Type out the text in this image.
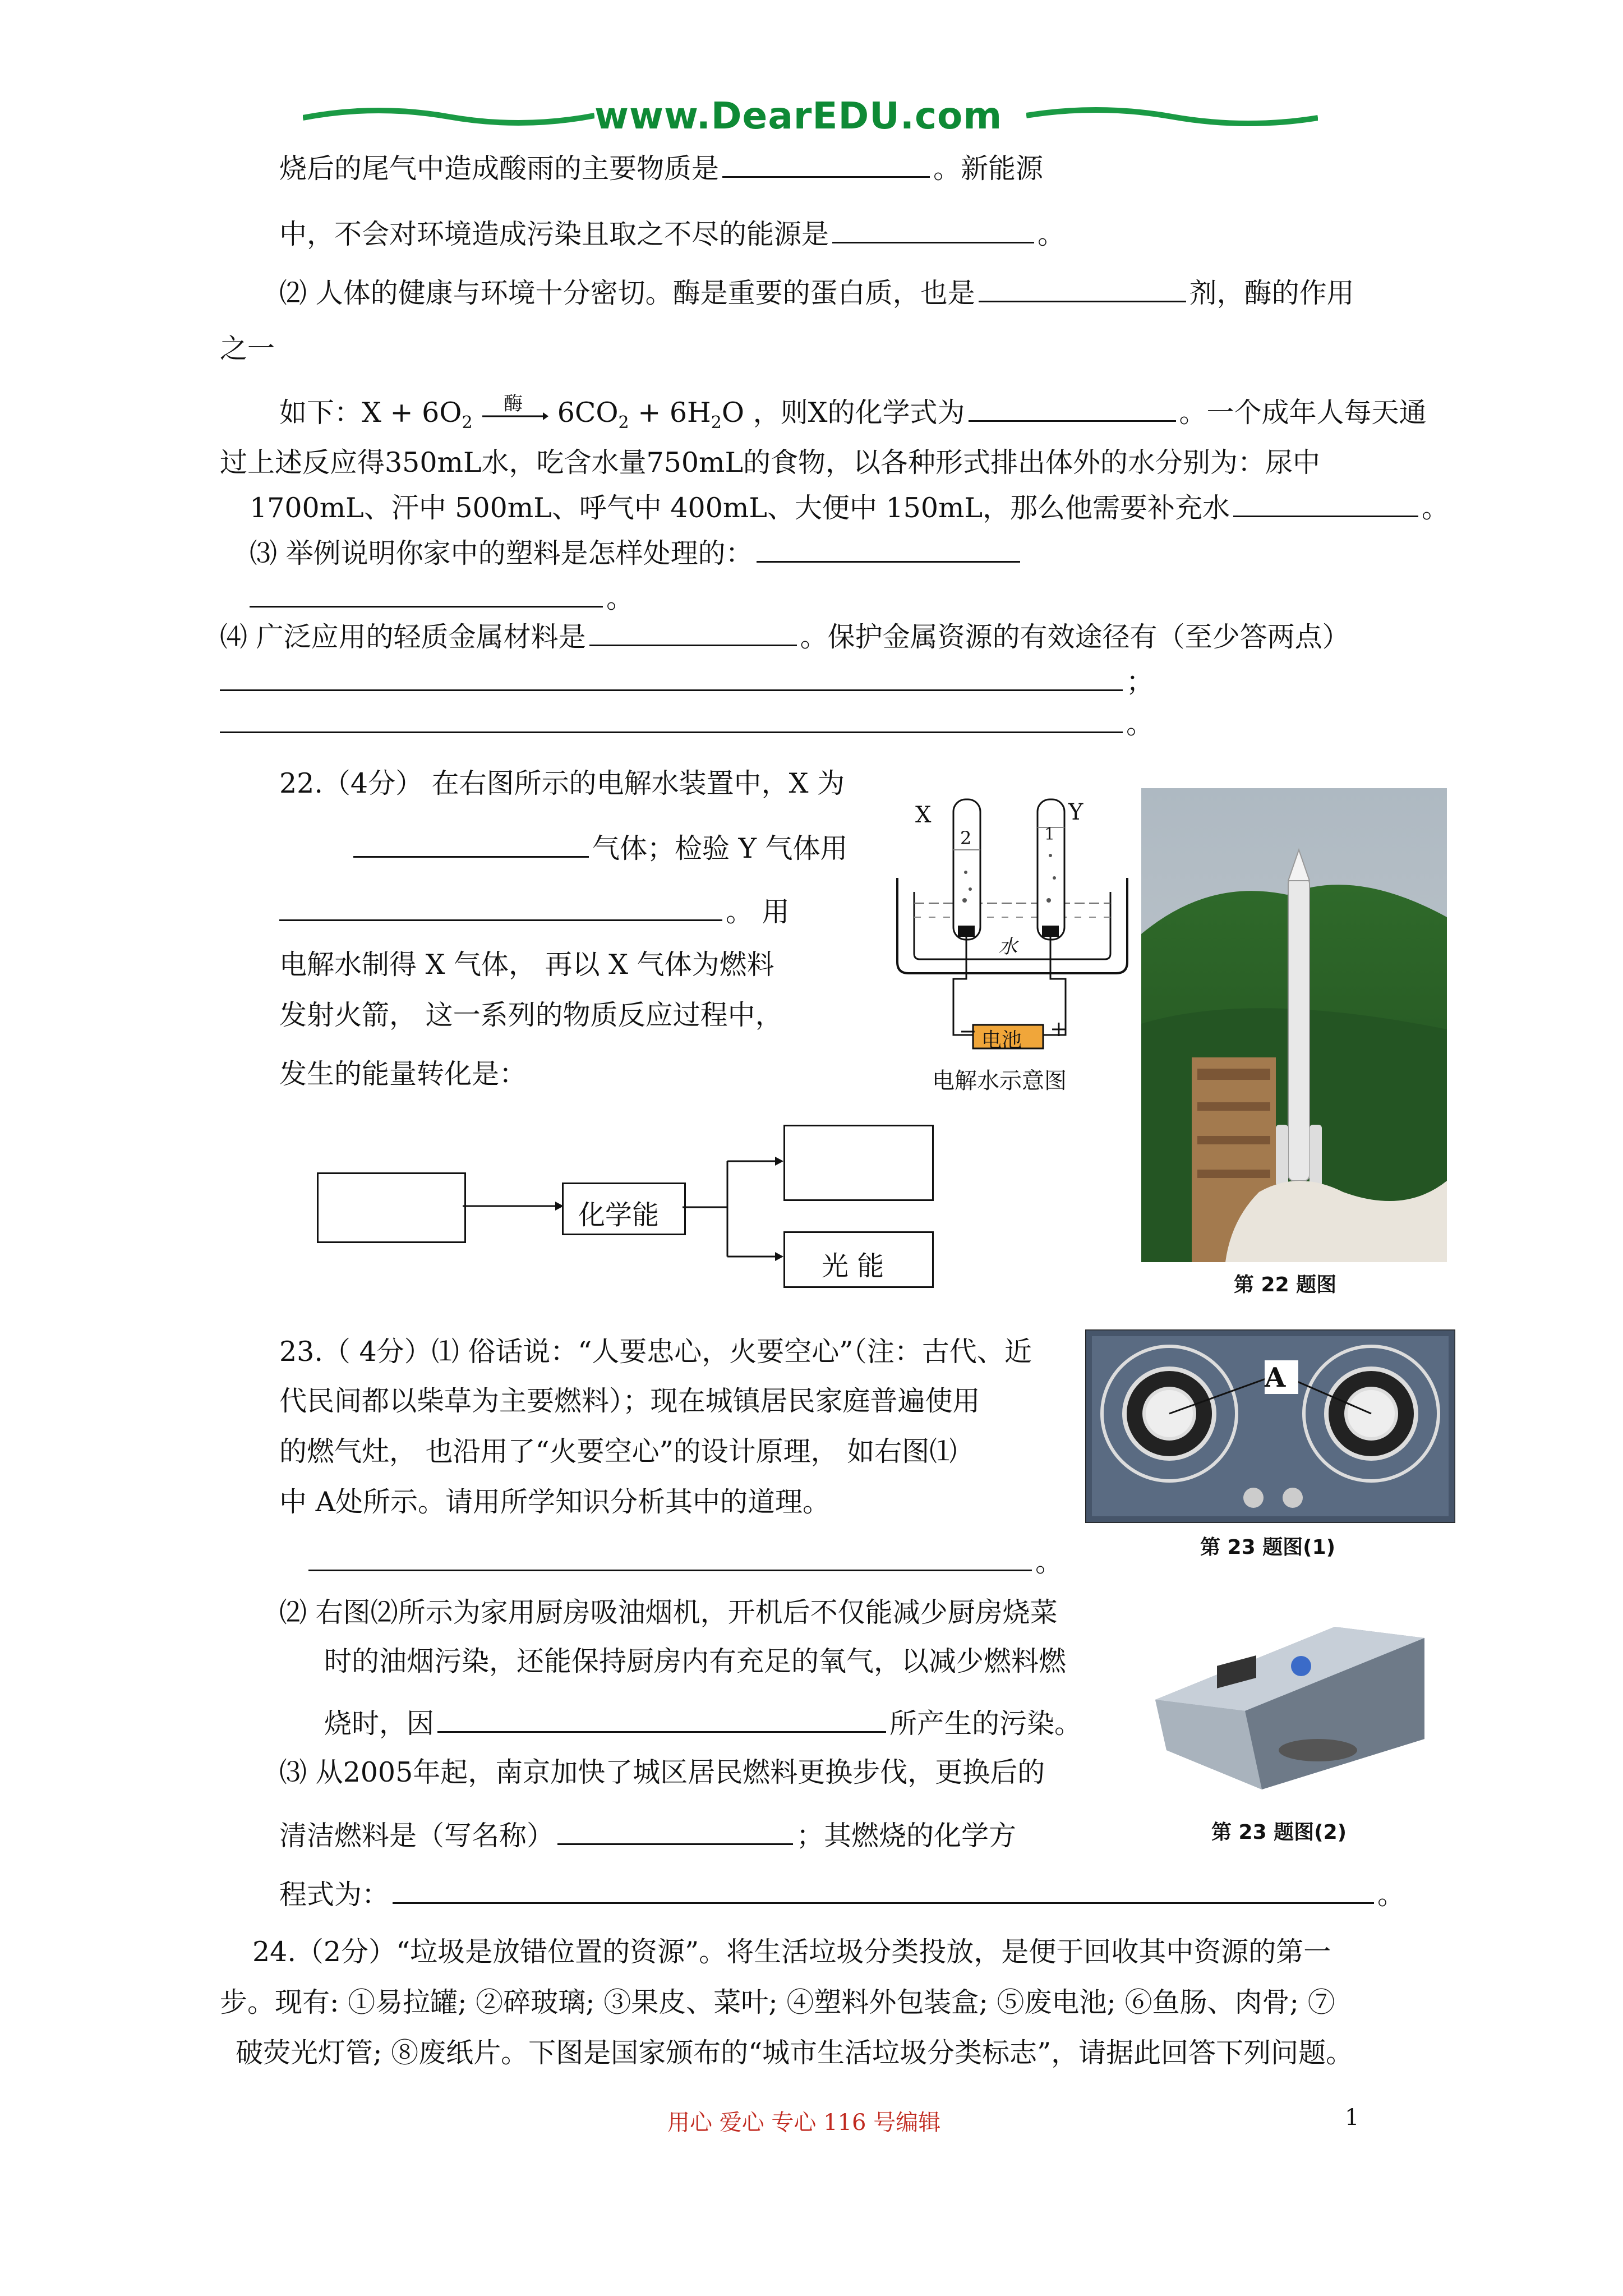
www.DearEDU.com
烧后的尾气中造成酸雨的主要物质是	。新能源
中，不会对环境造成污染且取之不尽的能源是	。
⑵ 人体的健康与环境十分密切。酶是重要的蛋白质，也是	剂，酶的作用
之一
如下：$X + 6O_2$
酶 $6CO_2 + 6H_2O$ ，则X的化学式为	。一个成年人每天通
过上述反应得350mL水，吃含水量750mL的食物，以各种形式排出体外的水分别为：尿中
1700mL、汗中 500mL、呼气中 400mL、大便中 150mL，那么他需要补充水	。
⑶ 举例说明你家中的塑料是怎样处理的：
。
⑷ 广泛应用的轻质金属材料是	。保护金属资源的有效途径有（至少答两点）
；
。
22.（4分） 在右图所示的电解水装置中，X 为
气体；检验 Y 气体用
。 用
电解水制得 X 气体， 再以 X 气体为燃料
发射火箭， 这一系列的物质反应过程中，
发生的能量转化是：
X	Y
2	1
水
电池
−	+
电解水示意图
第 22 题图
化学能
光 能
23.（ 4分）⑴ 俗话说：“人要忠心，火要空心”（注：古代、近
代民间都以柴草为主要燃料）；现在城镇居民家庭普遍使用
的燃气灶， 也沿用了“火要空心”的设计原理， 如右图⑴
中 A处所示。请用所学知识分析其中的道理。
。
A
第 23 题图(1)
⑵ 右图⑵所示为家用厨房吸油烟机，开机后不仅能减少厨房烧菜
时的油烟污染，还能保持厨房内有充足的氧气，以减少燃料燃
烧时，因	所产生的污染。
⑶ 从2005年起，南京加快了城区居民燃料更换步伐，更换后的
第 23 题图(2)
清洁燃料是（写名称）	；其燃烧的化学方
程式为：	。
24.（2分）“垃圾是放错位置的资源”。将生活垃圾分类投放，是便于回收其中资源的第一
步。现有: ①易拉罐; ②碎玻璃; ③果皮、菜叶; ④塑料外包装盒; ⑤废电池; ⑥鱼肠、肉骨; ⑦
破荧光灯管; ⑧废纸片。下图是国家颁布的“城市生活垃圾分类标志”，请据此回答下列问题。
用心 爱心 专心 116 号编辑	1
